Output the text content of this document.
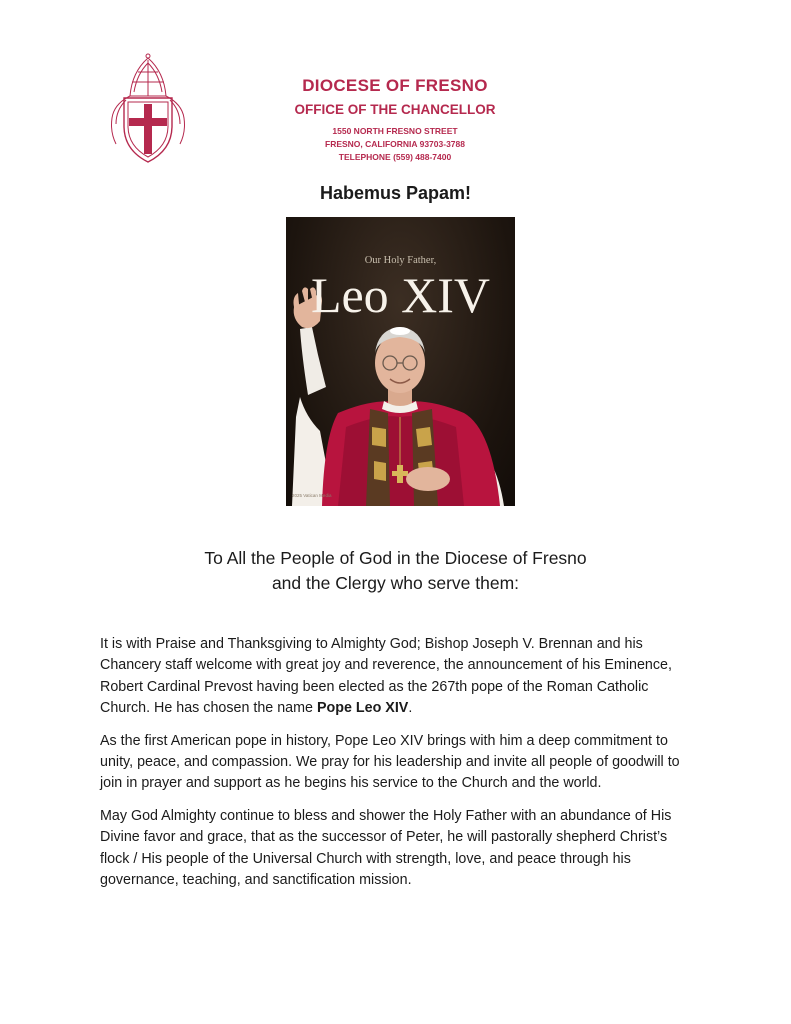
DIOCESE OF FRESNO
OFFICE OF THE CHANCELLOR
1550 NORTH FRESNO STREET
FRESNO, CALIFORNIA 93703-3788
TELEPHONE (559) 488-7400
Habemus Papam!
Our Holy Father,
Leo XIV
2025 Vatican Media
To All the People of God in the Diocese of Fresno
and the Clergy who serve them:

It is with Praise and Thanksgiving to Almighty God; Bishop Joseph V. Brennan and his Chancery staff welcome with great joy and reverence, the announcement of his Eminence, Robert Cardinal Prevost having been elected as the 267th pope of the Roman Catholic Church. He has chosen the name Pope Leo XIV.

As the first American pope in history, Pope Leo XIV brings with him a deep commitment to unity, peace, and compassion. We pray for his leadership and invite all people of goodwill to join in prayer and support as he begins his service to the Church and the world.

May God Almighty continue to bless and shower the Holy Father with an abundance of His Divine favor and grace, that as the successor of Peter, he will pastorally shepherd Christ’s flock / His people of the Universal Church with strength, love, and peace through his governance, teaching, and sanctification mission.
